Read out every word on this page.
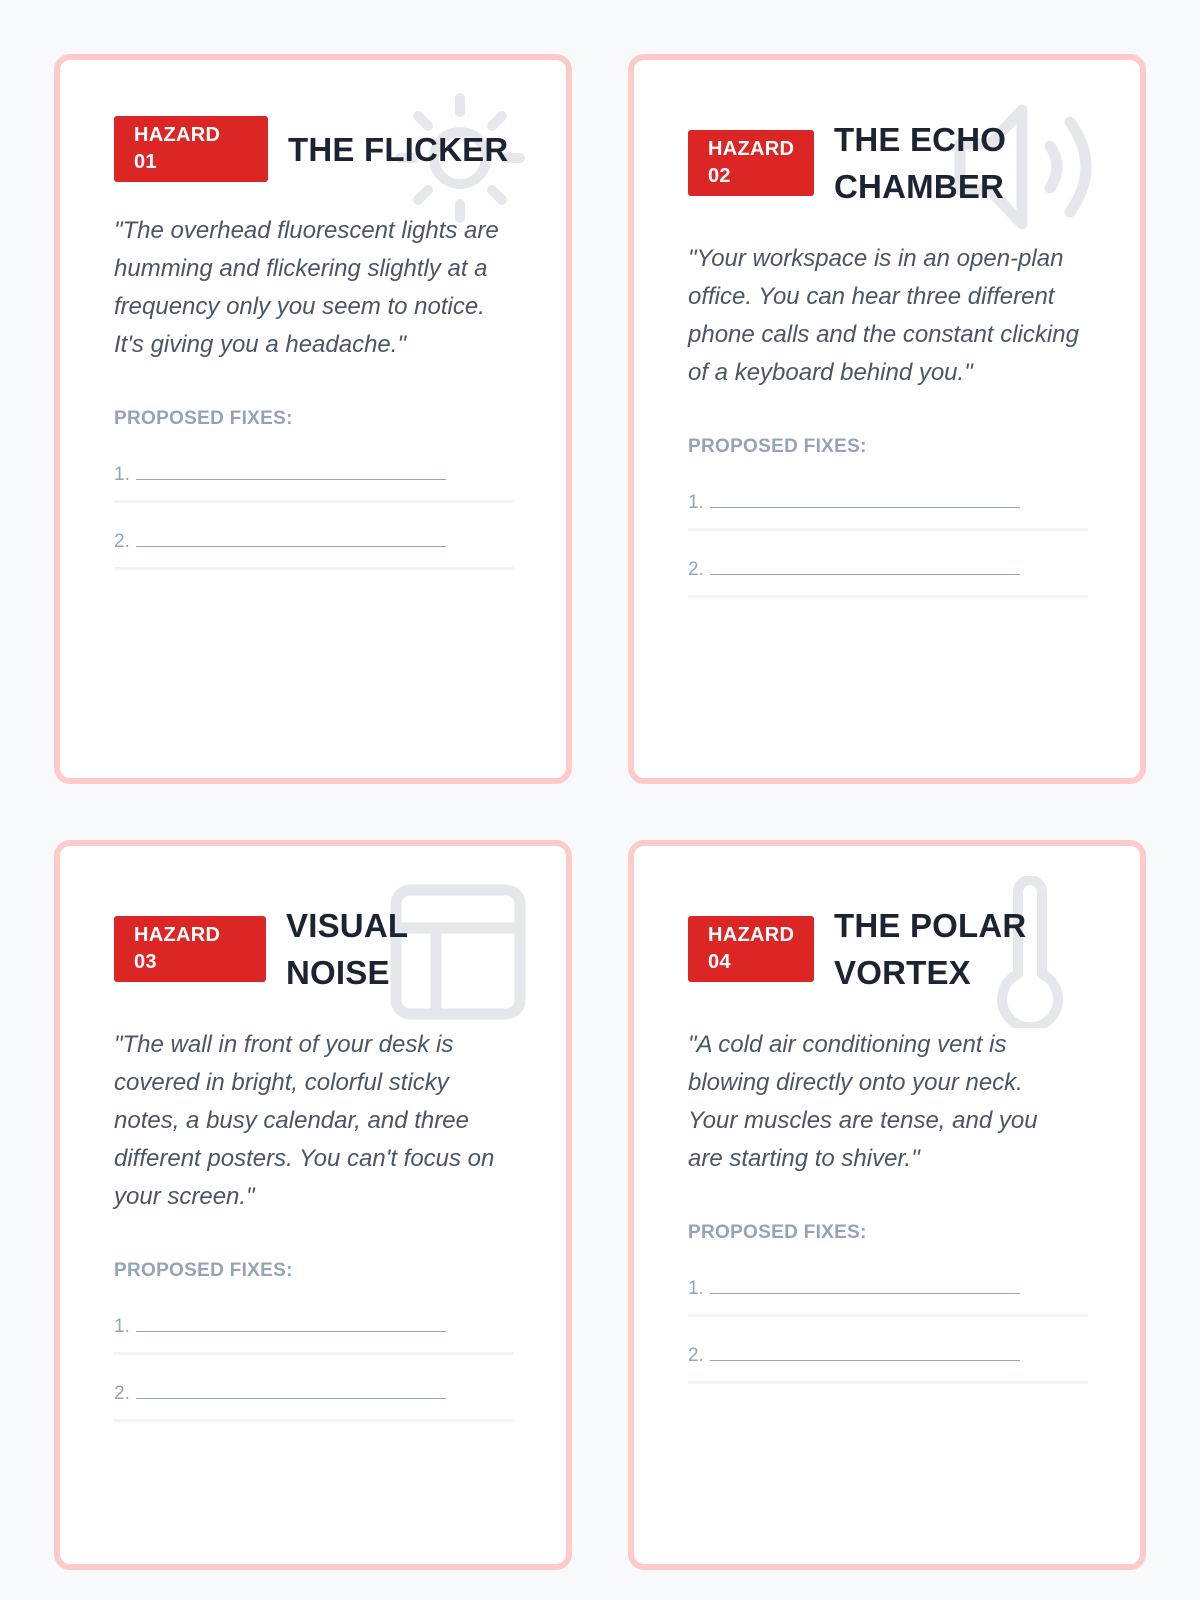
HAZARD 01	THE FLICKER

"The overhead fluorescent lights are humming and flickering slightly at a frequency only you seem to notice. It's giving you a headache."

PROPOSED FIXES:
1.
2.
HAZARD 02
THE ECHO CHAMBER

"Your workspace is in an open-plan office. You can hear three different phone calls and the constant clicking of a keyboard behind you."

PROPOSED FIXES:
1.
2.
HAZARD 03
VISUAL NOISE

"The wall in front of your desk is covered in bright, colorful sticky notes, a busy calendar, and three different posters. You can't focus on your screen."

PROPOSED FIXES:
1.
2.
HAZARD 04
THE POLAR VORTEX

"A cold air conditioning vent is blowing directly onto your neck. Your muscles are tense, and you are starting to shiver."

PROPOSED FIXES:
1.
2.
